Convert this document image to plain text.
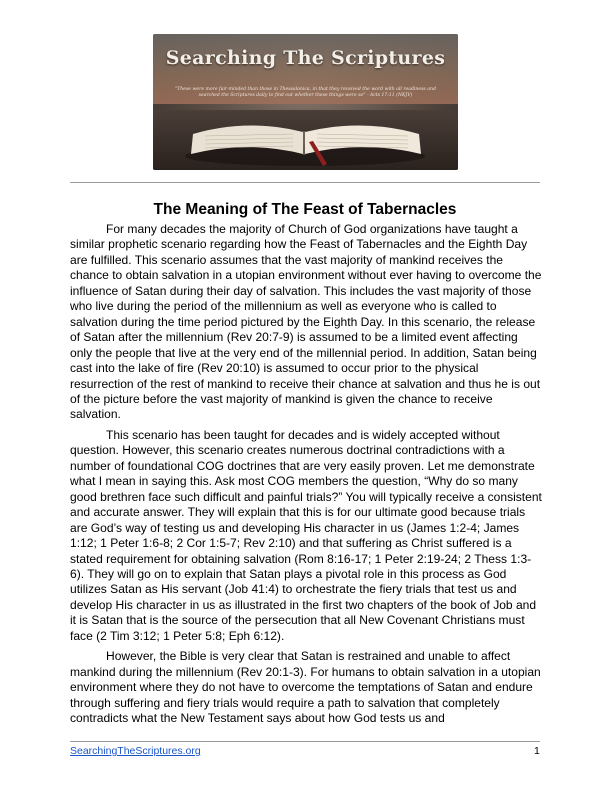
Searching The Scriptures
"These were more fair-minded than those in Thessalonica, in that they received the word with all readiness and searched the Scriptures daily to find out whether these things were so" - Acts 17:11 (NKJV)
The Meaning of The Feast of Tabernacles

For many decades the majority of Church of God organizations have taught a similar prophetic scenario regarding how the Feast of Tabernacles and the Eighth Day are fulfilled. This scenario assumes that the vast majority of mankind receives the chance to obtain salvation in a utopian environment without ever having to overcome the influence of Satan during their day of salvation. This includes the vast majority of those who live during the period of the millennium as well as everyone who is called to salvation during the time period pictured by the Eighth Day. In this scenario, the release of Satan after the millennium (Rev 20:7-9) is assumed to be a limited event affecting only the people that live at the very end of the millennial period. In addition, Satan being cast into the lake of fire (Rev 20:10) is assumed to occur prior to the physical resurrection of the rest of mankind to receive their chance at salvation and thus he is out of the picture before the vast majority of mankind is given the chance to receive salvation.

This scenario has been taught for decades and is widely accepted without question. However, this scenario creates numerous doctrinal contradictions with a number of foundational COG doctrines that are very easily proven. Let me demonstrate what I mean in saying this. Ask most COG members the question, “Why do so many good brethren face such difficult and painful trials?” You will typically receive a consistent and accurate answer. They will explain that this is for our ultimate good because trials are God’s way of testing us and developing His character in us (James 1:2-4; James 1:12; 1 Peter 1:6-8; 2 Cor 1:5-7; Rev 2:10) and that suffering as Christ suffered is a stated requirement for obtaining salvation (Rom 8:16-17; 1 Peter 2:19-24; 2 Thess 1:3-6). They will go on to explain that Satan plays a pivotal role in this process as God utilizes Satan as His servant (Job 41:4) to orchestrate the fiery trials that test us and develop His character in us as illustrated in the first two chapters of the book of Job and it is Satan that is the source of the persecution that all New Covenant Christians must face (2 Tim 3:12; 1 Peter 5:8; Eph 6:12).

However, the Bible is very clear that Satan is restrained and unable to affect mankind during the millennium (Rev 20:1-3). For humans to obtain salvation in a utopian environment where they do not have to overcome the temptations of Satan and endure through suffering and fiery trials would require a path to salvation that completely contradicts what the New Testament says about how God tests us and

SearchingTheScriptures.org	1
